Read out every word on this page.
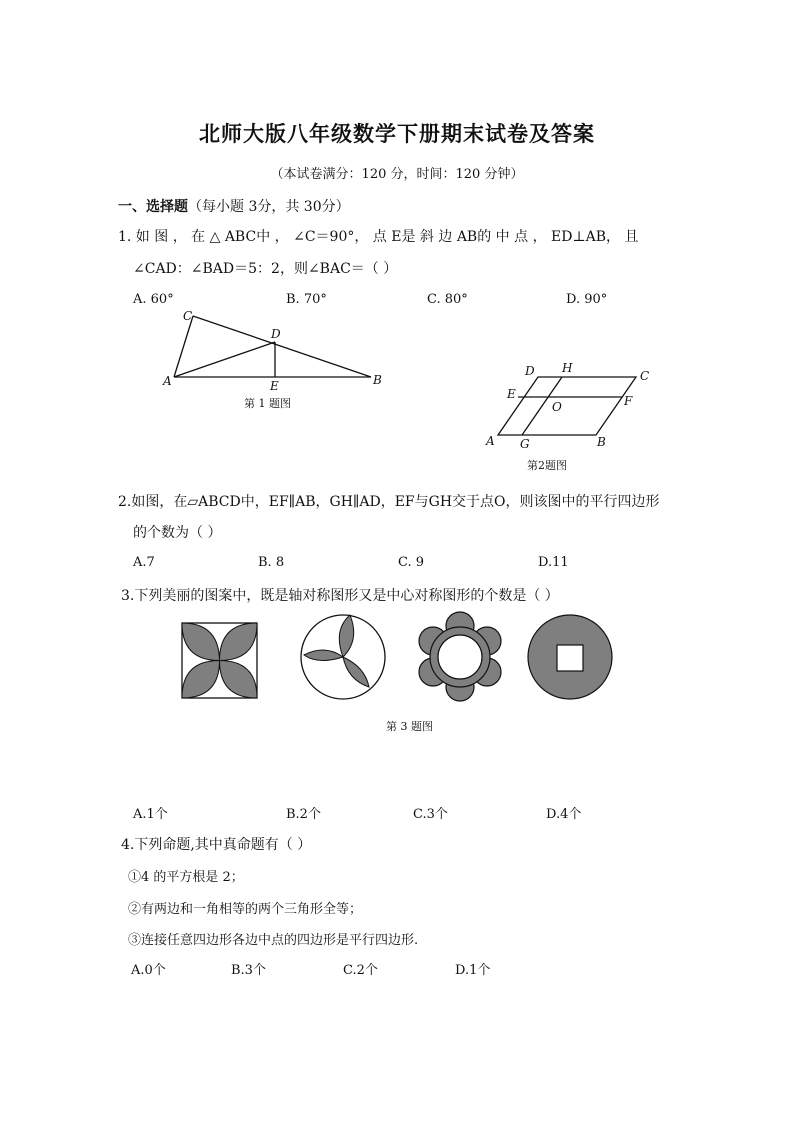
北师大版八年级数学下册期末试卷及答案
（本试卷满分：120 分，时间：120 分钟）
一、选择题（每小题 3分，共 30分）
1. 如 图 ， 在 △ ABC中 ， ∠C＝90°， 点 E是 斜 边 AB的 中 点 ， ED⊥AB， 且
∠CAD：∠BAD＝5：2，则∠BAC＝（ ）
A. 60°	B. 70°	C. 80°	D. 90°
C
A	B
D
E
第 1 题图
A	B
C
D
E	F
G
H
O
第2题图
2.如图，在▱ABCD中，EF∥AB，GH∥AD，EF与GH交于点O，则该图中的平行四边形
的个数为（ ）
A.7	B. 8	C. 9	D.11
3.下列美丽的图案中，既是轴对称图形又是中心对称图形的个数是（ ）
第 3 题图
A.1个	B.2个	C.3个	D.4个
4.下列命题,其中真命题有（ ）
①4 的平方根是 2；
②有两边和一角相等的两个三角形全等；
③连接任意四边形各边中点的四边形是平行四边形.
A.0个	B.3个	C.2个	D.1个
